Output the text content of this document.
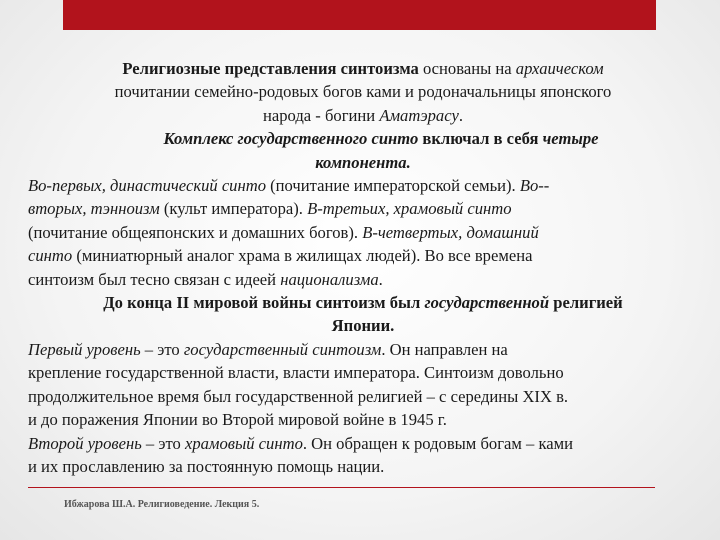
Религиозные представления синтоизма основаны на архаическом
почитании семейно-родовых богов ками и родоначальницы японского
народа - богини Аматэрасу.
Комплекс государственного синто включал в себя четыре
компонента.
Во-первых, династический синто (почитание императорской семьи). Во--
вторых, тэнноизм (культ императора). В-третьих, храмовый синто
(почитание общеяпонских и домашних богов). В-четвертых, домашний
синто (миниатюрный аналог храма в жилищах людей). Во все времена
синтоизм был тесно связан с идеей национализма.
До конца II мировой войны синтоизм был государственной религией
Японии.
Первый уровень – это государственный синтоизм. Он направлен на
крепление государственной власти, власти императора. Синтоизм довольно
продолжительное время был государственной религией – с середины XIX в.
и до поражения Японии во Второй мировой войне в 1945 г.
Второй уровень – это храмовый синто. Он обращен к родовым богам – ками
и их прославлению за постоянную помощь нации.
Ибжарова Ш.А. Религиоведение. Лекция 5.
